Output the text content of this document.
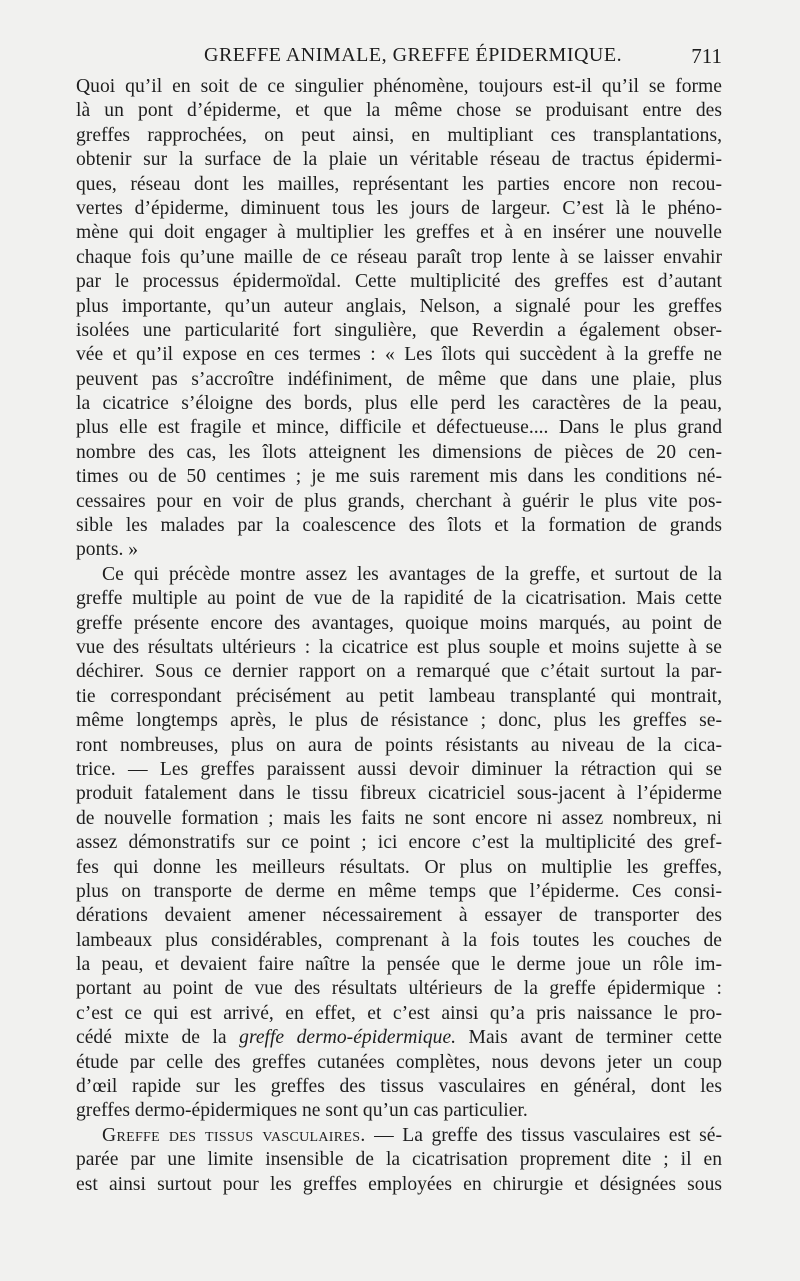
GREFFE ANIMALE, GREFFE ÉPIDERMIQUE.	711
Quoi qu’il en soit de ce singulier phénomène, toujours est-il qu’il se forme
là un pont d’épiderme, et que la même chose se produisant entre des
greffes rapprochées, on peut ainsi, en multipliant ces transplantations,
obtenir sur la surface de la plaie un véritable réseau de tractus épidermi-
ques, réseau dont les mailles, représentant les parties encore non recou-
vertes d’épiderme, diminuent tous les jours de largeur. C’est là le phéno-
mène qui doit engager à multiplier les greffes et à en insérer une nouvelle
chaque fois qu’une maille de ce réseau paraît trop lente à se laisser envahir
par le processus épidermoïdal. Cette multiplicité des greffes est d’autant
plus importante, qu’un auteur anglais, Nelson, a signalé pour les greffes
isolées une particularité fort singulière, que Reverdin a également obser-
vée et qu’il expose en ces termes : « Les îlots qui succèdent à la greffe ne
peuvent pas s’accroître indéfiniment, de même que dans une plaie, plus
la cicatrice s’éloigne des bords, plus elle perd les caractères de la peau,
plus elle est fragile et mince, difficile et défectueuse.... Dans le plus grand
nombre des cas, les îlots atteignent les dimensions de pièces de 20 cen-
times ou de 50 centimes ; je me suis rarement mis dans les conditions né-
cessaires pour en voir de plus grands, cherchant à guérir le plus vite pos-
sible les malades par la coalescence des îlots et la formation de grands
ponts. »
Ce qui précède montre assez les avantages de la greffe, et surtout de la
greffe multiple au point de vue de la rapidité de la cicatrisation. Mais cette
greffe présente encore des avantages, quoique moins marqués, au point de
vue des résultats ultérieurs : la cicatrice est plus souple et moins sujette à se
déchirer. Sous ce dernier rapport on a remarqué que c’était surtout la par-
tie correspondant précisément au petit lambeau transplanté qui montrait,
même longtemps après, le plus de résistance ; donc, plus les greffes se-
ront nombreuses, plus on aura de points résistants au niveau de la cica-
trice. — Les greffes paraissent aussi devoir diminuer la rétraction qui se
produit fatalement dans le tissu fibreux cicatriciel sous-jacent à l’épiderme
de nouvelle formation ; mais les faits ne sont encore ni assez nombreux, ni
assez démonstratifs sur ce point ; ici encore c’est la multiplicité des gref-
fes qui donne les meilleurs résultats. Or plus on multiplie les greffes,
plus on transporte de derme en même temps que l’épiderme. Ces consi-
dérations devaient amener nécessairement à essayer de transporter des
lambeaux plus considérables, comprenant à la fois toutes les couches de
la peau, et devaient faire naître la pensée que le derme joue un rôle im-
portant au point de vue des résultats ultérieurs de la greffe épidermique :
c’est ce qui est arrivé, en effet, et c’est ainsi qu’a pris naissance le pro-
cédé mixte de la greffe dermo-épidermique. Mais avant de terminer cette
étude par celle des greffes cutanées complètes, nous devons jeter un coup
d’œil rapide sur les greffes des tissus vasculaires en général, dont les
greffes dermo-épidermiques ne sont qu’un cas particulier.
Greffe des tissus vasculaires. — La greffe des tissus vasculaires est sé-
parée par une limite insensible de la cicatrisation proprement dite ; il en
est ainsi surtout pour les greffes employées en chirurgie et désignées sous
